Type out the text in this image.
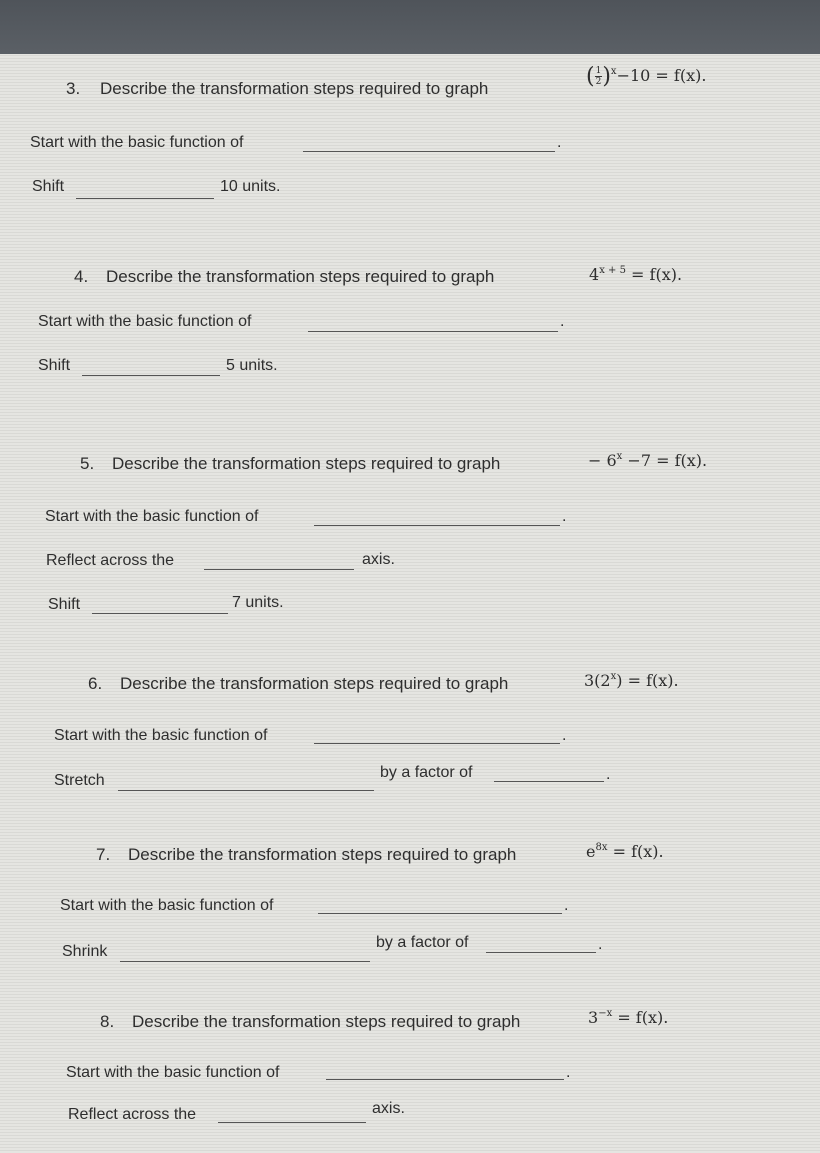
3. Describe the transformation steps required to graph	( $\frac{1}{2} )^x-10 = f(x)$.
Start with the basic function of	.
Shift	10 units.
4. Describe the transformation steps required to graph	$4^{x + 5} = f(x)$.
Start with the basic function of	.
Shift	5 units.
5. Describe the transformation steps required to graph	− $6^x -7 = f(x)$.
Start with the basic function of	.
Reflect across the	axis.
Shift	7 units.
6. Describe the transformation steps required to graph	$3(2^x) = f(x)$.
Start with the basic function of	.
Stretch	by a factor of	.
7. Describe the transformation steps required to graph	$e^{8x} = f(x)$.
Start with the basic function of	.
Shrink
by a factor of	.
8. Describe the transformation steps required to graph	$3^{-x} = f(x)$.
Start with the basic function of	.
Reflect across the	axis.
